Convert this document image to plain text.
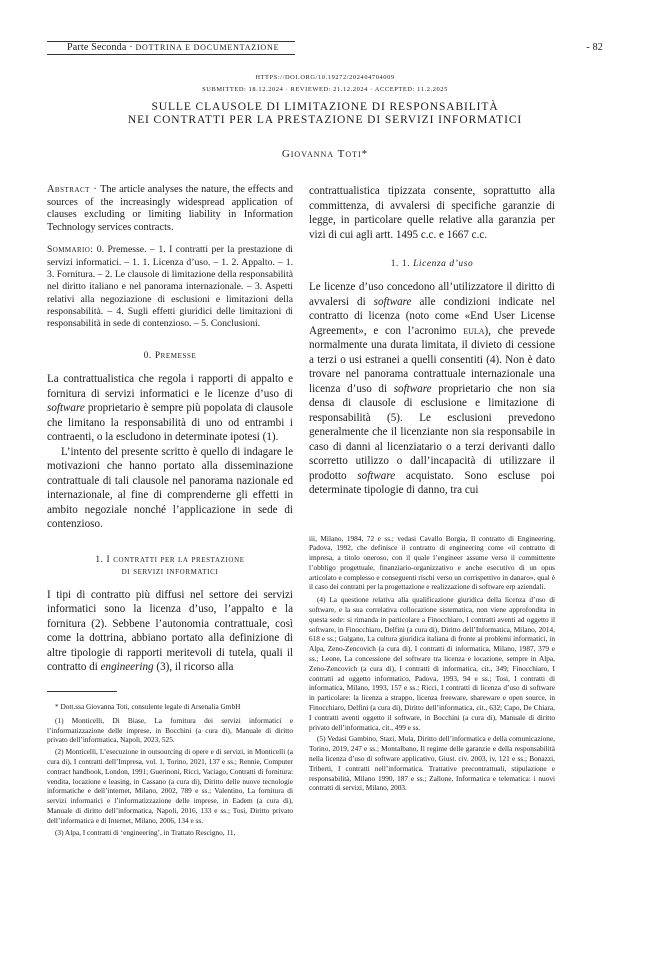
Parte Seconda · DOTTRINA E DOCUMENTAZIONE	- 82
HTTPS://DOI.ORG/10.19272/202404704009
SUBMITTED: 18.12.2024 · REVIEWED: 21.12.2024 · ACCEPTED: 11.2.2025
SULLE CLAUSOLE DI LIMITAZIONE DI RESPONSABILITÀ
NEI CONTRATTI PER LA PRESTAZIONE DI SERVIZI INFORMATICI
Giovanna Toti*

Abstract · The article analyses the nature, the effects and sources of the increasingly widespread application of clauses excluding or limiting liability in Information Technology services contracts.

Sommario: 0. Premesse. – 1. I contratti per la prestazione di servizi informatici. – 1. 1. Licenza d’uso. – 1. 2. Appalto. – 1. 3. Fornitura. – 2. Le clausole di limitazione della responsabilità nel diritto italiano e nel panorama internazionale. – 3. Aspetti relativi alla negoziazione di esclusioni e limitazioni della responsabilità. – 4. Sugli effetti giuridici delle limitazioni di responsabilità in sede di contenzioso. – 5. Conclusioni.

0. Premesse

La contrattualistica che regola i rapporti di appalto e fornitura di servizi informatici e le licenze d’uso di software proprietario è sempre più popolata di clausole che limitano la responsabilità di uno od entrambi i contraenti, o la escludono in determinate ipotesi (1).

L’intento del presente scritto è quello di indagare le motivazioni che hanno portato alla disseminazione contrattuale di tali clausole nel panorama nazionale ed internazionale, al fine di comprenderne gli effetti in ambito negoziale nonché l’applicazione in sede di contenzioso.

1. I contratti per la prestazione
di servizi informatici

I tipi di contratto più diffusi nel settore dei servizi informatici sono la licenza d’uso, l’appalto e la fornitura (2). Sebbene l’autonomia contrattuale, così come la dottrina, abbiano portato alla definizione di altre tipologie di rapporti meritevoli di tutela, quali il contratto di engineering (3), il ricorso alla

* Dott.ssa Giovanna Toti, consulente legale di Arsenalia GmbH

(1) Monticelli, Di Biase, La fornitura dei servizi informatici e l’informatizzazione delle imprese, in Bocchini (a cura di), Manuale di diritto privato dell’informatica, Napoli, 2023, 525.

(2) Monticelli, L’esecuzione in outsourcing di opere e di servizi, in Monticelli (a cura di), I contratti dell’Impresa, vol. 1, Torino, 2021, 137 e ss.; Rennie, Computer contract handbook, London, 1991; Guerinoni, Ricci, Vaciago, Contratti di fornitura: vendita, locazione e leasing, in Cassano (a cura di), Diritto delle nuove tecnologie informatiche e dell’internet, Milano, 2002, 789 e ss.; Valentino, La fornitura di servizi informatici e l’informatizzazione delle imprese, in Eadem (a cura di), Manuale di diritto dell’informatica, Napoli, 2016, 133 e ss.; Tosi, Diritto privato dell’informatica e di Internet, Milano, 2006, 134 e ss.

(3) Alpa, I contratti di ‘engineering’, in Trattato Rescigno, 11,

contrattualistica tipizzata consente, soprattutto alla committenza, di avvalersi di specifiche garanzie di legge, in particolare quelle relative alla garanzia per vizi di cui agli artt. 1495 c.c. e 1667 c.c.

1. 1. Licenza d’uso

Le licenze d’uso concedono all’utilizzatore il diritto di avvalersi di software alle condizioni indicate nel contratto di licenza (noto come «End User License Agreement», e con l’acronimo eula), che prevede normalmente una durata limitata, il divieto di cessione a terzi o usi estranei a quelli consentiti (4). Non è dato trovare nel panorama contrattuale internazionale una licenza d’uso di software proprietario che non sia densa di clausole di esclusione e limitazione di responsabilità (5). Le esclusioni prevedono generalmente che il licenziante non sia responsabile in caso di danni al licenziatario o a terzi derivanti dallo scorretto utilizzo o dall’incapacità di utilizzare il prodotto software acquistato. Sono escluse poi determinate tipologie di danno, tra cui

iii, Milano, 1984, 72 e ss.; vedasi Cavallo Borgia, Il contratto di Engineering, Padova, 1992, che definisce il contratto di engineering come «il contratto di impresa, a titolo oneroso, con il quale l’engineer assume verso il committente l’obbligo progettuale, finanziario-organizzativo e anche esecutivo di un opus articolato e complesso e conseguenti rischi verso un corrispettivo in danaro», qual è il caso dei contratti per la progettazione e realizzazione di software erp aziendali.

(4) La questione relativa alla qualificazione giuridica della licenza d’uso di software, e la sua correlativa collocazione sistematica, non viene approfondita in questa sede: si rimanda in particolare a Finocchiaro, I contratti aventi ad oggetto il software, in Finocchiaro, Delfini (a cura di), Diritto dell’Informatica, Milano, 2014, 618 e ss.; Galgano, La cultura giuridica italiana di fronte ai problemi informatici, in Alpa, Zeno-Zencovich (a cura di), I contratti di informatica, Milano, 1987, 379 e ss.; Leone, La concessione del software tra licenza e locazione, sempre in Alpa, Zeno-Zencovich (a cura di), I contratti di informatica, cit., 349; Finocchiaro, I contratti ad oggetto informatico, Padova, 1993, 94 e ss.; Tosi, I contratti di informatica, Milano, 1993, 157 e ss.; Ricci, I contratti di licenza d’uso di software in particolare: la licenza a strappo, licenza freeware, shareware e open source, in Finocchiaro, Delfini (a cura di), Diritto dell’informatica, cit., 632; Capo, De Chiara, I contratti aventi oggetto il software, in Bocchini (a cura di), Manuale di diritto privato dell’informatica, cit., 499 e ss.

(5) Vedasi Gambino, Stazi, Mula, Diritto dell’informatica e della comunicazione, Torino, 2019, 247 e ss.; Montalbano, Il regime delle garanzie e della responsabilità nella licenza d’uso di software applicativo, Giust. civ. 2003, iv, 121 e ss.; Bonazzi, Triberti, I contratti nell’informatica. Trattative precontrattuali, stipulazione e responsabilità, Milano 1990, 187 e ss.; Zallone, Informatica e telematica: i nuovi contratti di servizi, Milano, 2003.
